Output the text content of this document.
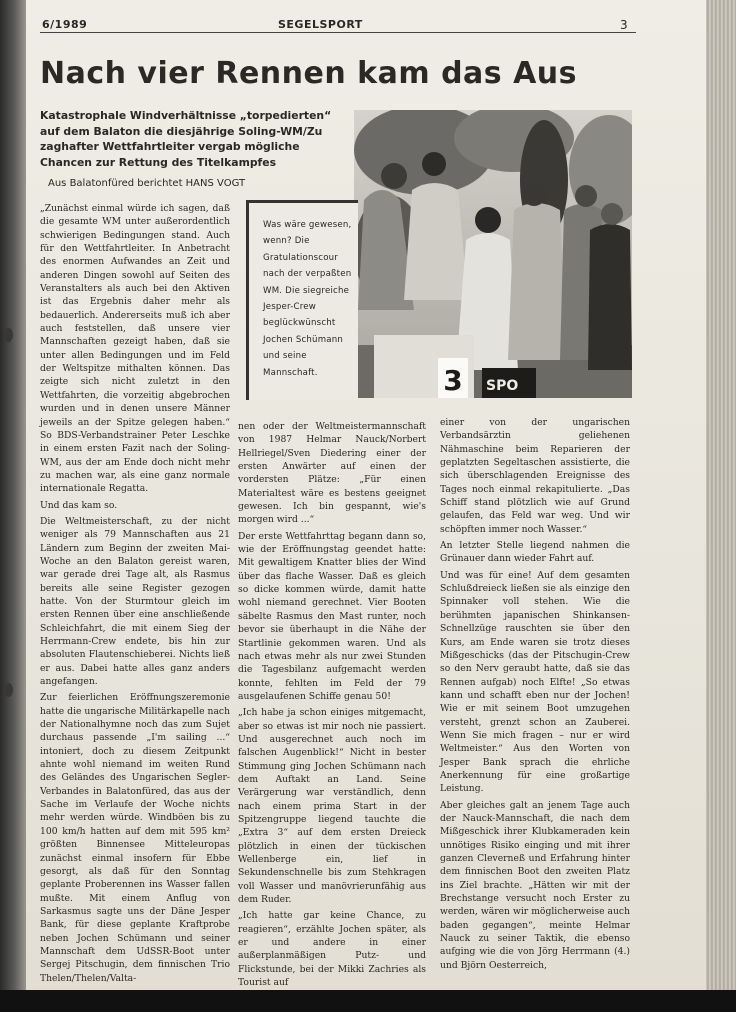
6/1989	SEGELSPORT	3
Nach vier Rennen kam das Aus
Katastrophale Windverhältnisse „torpedierten“ auf dem Balaton die diesjährige Soling-WM/Zu zaghafter Wettfahrtleiter vergab mögliche Chancen zur Rettung des Titelkampfes
Aus Balatonfüred berichtet HANS VOGT
3 SPO
Was wäre gewesen, wenn? Die Gratulationscour nach der verpaßten WM. Die siegreiche Jesper-Crew beglückwünscht Jochen Schümann und seine Mannschaft.

„Zunächst einmal würde ich sagen, daß die gesamte WM unter außerordentlich schwierigen Bedingungen stand. Auch für den Wettfahrtleiter. In Anbetracht des enormen Aufwandes an Zeit und anderen Dingen sowohl auf Seiten des Veranstalters als auch bei den Aktiven ist das Ergebnis daher mehr als bedauerlich. Andererseits muß ich aber auch feststellen, daß unsere vier Mannschaften gezeigt haben, daß sie unter allen Bedingungen und im Feld der Weltspitze mithalten können. Das zeigte sich nicht zuletzt in den Wettfahrten, die vorzeitig abgebrochen wurden und in denen unsere Männer jeweils an der Spitze gelegen haben.“ So BDS-Verbandstrainer Peter Leschke in einem ersten Fazit nach der Soling-WM, aus der am Ende doch nicht mehr zu machen war, als eine ganz normale internationale Regatta.

Und das kam so.

Die Weltmeisterschaft, zu der nicht weniger als 79 Mannschaften aus 21 Ländern zum Beginn der zweiten Mai-Woche an den Balaton gereist waren, war gerade drei Tage alt, als Rasmus bereits alle seine Register gezogen hatte. Von der Sturmtour gleich im ersten Rennen über eine anschließende Schleichfahrt, die mit einem Sieg der Herrmann-Crew endete, bis hin zur absoluten Flautenschieberei. Nichts ließ er aus. Dabei hatte alles ganz anders angefangen.

Zur feierlichen Eröffnungszeremonie hatte die ungarische Militärkapelle nach der Nationalhymne noch das zum Sujet durchaus passende „I'm sailing ...“ intoniert, doch zu diesem Zeitpunkt ahnte wohl niemand im weiten Rund des Geländes des Ungarischen Segler-Verbandes in Balatonfüred, das aus der Sache im Verlaufe der Woche nichts mehr werden würde. Windböen bis zu 100 km/h hatten auf dem mit 595 km² größten Binnensee Mitteleuropas zunächst einmal insofern für Ebbe gesorgt, als daß für den Sonntag geplante Proberennen ins Wasser fallen mußte. Mit einem Anflug von Sarkasmus sagte uns der Däne Jesper Bank, für diese geplante Kraftprobe neben Jochen Schümann und seiner Mannschaft dem UdSSR-Boot unter Sergej Pitschugin, dem finnischen Trio Thelen/Thelen/Valta-

nen oder der Weltmeistermannschaft von 1987 Helmar Nauck/Norbert Hellriegel/Sven Diedering einer der ersten Anwärter auf einen der vordersten Plätze: „Für einen Materialtest wäre es bestens geeignet gewesen. Ich bin gespannt, wie's morgen wird ...“

Der erste Wettfahrttag begann dann so, wie der Eröffnungstag geendet hatte: Mit gewaltigem Knatter blies der Wind über das flache Wasser. Daß es gleich so dicke kommen würde, damit hatte wohl niemand gerechnet. Vier Booten säbelte Rasmus den Mast runter, noch bevor sie überhaupt in die Nähe der Startlinie gekommen waren. Und als nach etwas mehr als nur zwei Stunden die Tagesbilanz aufgemacht werden konnte, fehlten im Feld der 79 ausgelaufenen Schiffe genau 50!

„Ich habe ja schon einiges mitgemacht, aber so etwas ist mir noch nie passiert. Und ausgerechnet auch noch im falschen Augenblick!“ Nicht in bester Stimmung ging Jochen Schümann nach dem Auftakt an Land. Seine Verärgerung war verständlich, denn nach einem prima Start in der Spitzengruppe liegend tauchte die „Extra 3“ auf dem ersten Dreieck plötzlich in einen der tückischen Wellenberge ein, lief in Sekundenschnelle bis zum Stehkragen voll Wasser und manövrierunfähig aus dem Ruder.

„Ich hatte gar keine Chance, zu reagieren“, erzählte Jochen später, als er und andere in einer außerplanmäßigen Putz- und Flickstunde, bei der Mikki Zachries als Tourist auf

einer von der ungarischen Verbandsärztin geliehenen Nähmaschine beim Reparieren der geplatzten Segeltaschen assistierte, die sich überschlagenden Ereignisse des Tages noch einmal rekapitulierte. „Das Schiff stand plötzlich wie auf Grund gelaufen, das Feld war weg. Und wir schöpften immer noch Wasser.“

An letzter Stelle liegend nahmen die Grünauer dann wieder Fahrt auf.

Und was für eine! Auf dem gesamten Schlußdreieck ließen sie als einzige den Spinnaker voll stehen. Wie die berühmten japanischen Shinkansen-Schnellzüge rauschten sie über den Kurs, am Ende waren sie trotz dieses Mißgeschicks (das der Pitschugin-Crew so den Nerv geraubt hatte, daß sie das Rennen aufgab) noch Elfte! „So etwas kann und schafft eben nur der Jochen! Wie er mit seinem Boot umzugehen versteht, grenzt schon an Zauberei. Wenn Sie mich fragen – nur er wird Weltmeister.“ Aus den Worten von Jesper Bank sprach die ehrliche Anerkennung für eine großartige Leistung.

Aber gleiches galt an jenem Tage auch der Nauck-Mannschaft, die nach dem Mißgeschick ihrer Klubkameraden kein unnötiges Risiko einging und mit ihrer ganzen Cleverneß und Erfahrung hinter dem finnischen Boot den zweiten Platz ins Ziel brachte. „Hätten wir mit der Brechstange versucht noch Erster zu werden, wären wir möglicherweise auch baden gegangen“, meinte Helmar Nauck zu seiner Taktik, die ebenso aufging wie die von Jörg Herrmann (4.) und Björn Oesterreich,
